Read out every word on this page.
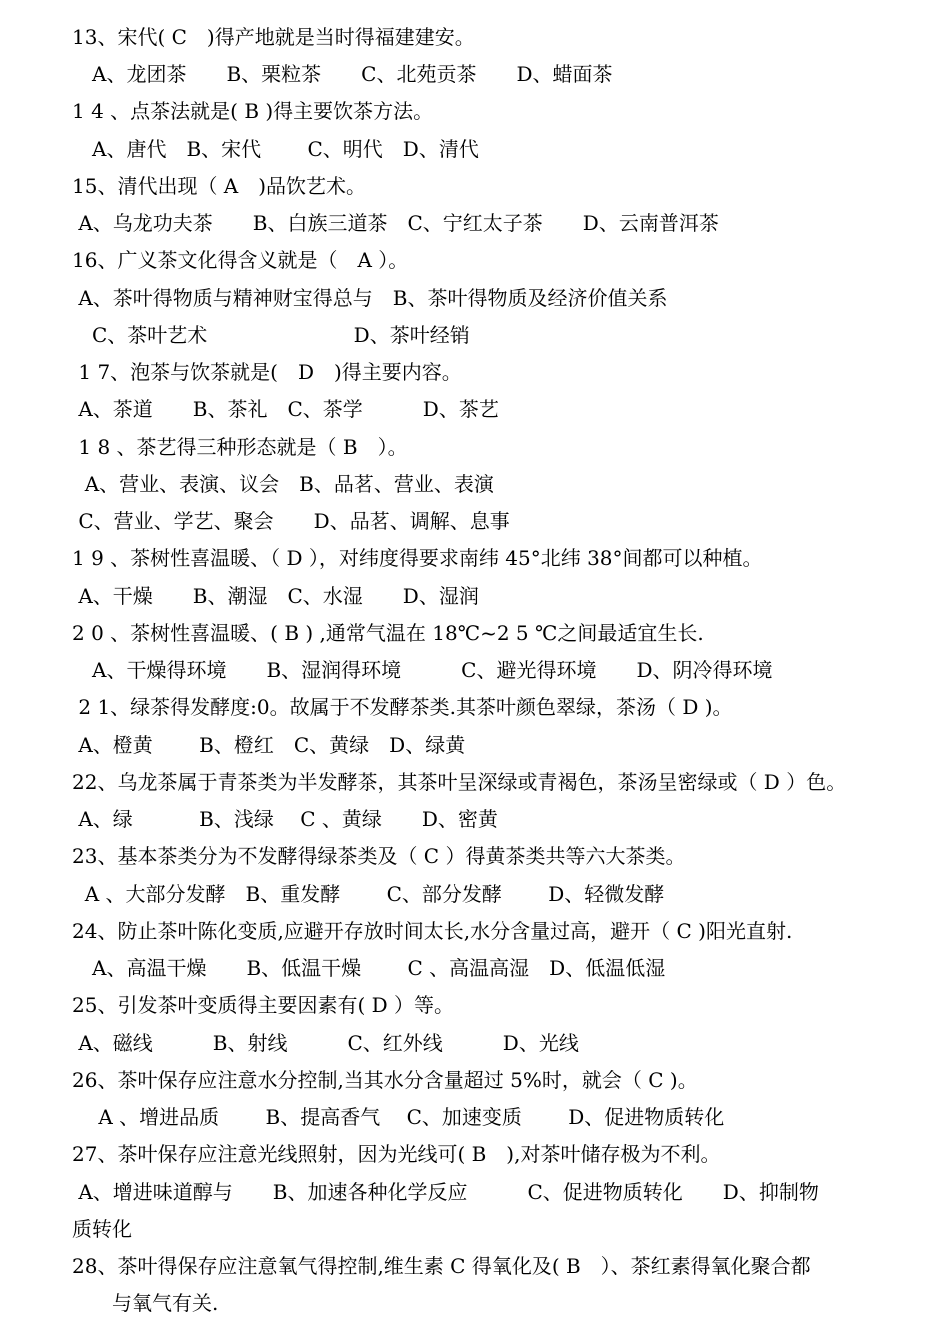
13、宋代( C　)得产地就是当时得福建建安。
　A、龙团茶　　B、栗粒茶　　C、北苑贡茶　　D、蜡面茶
1 4 、点茶法就是( B )得主要饮茶方法。
　A、唐代　B、宋代　　 C、明代　D、清代
15、清代出现（ A　)品饮艺术。
A、乌龙功夫茶　　B、白族三道茶　C、宁红太子茶　　D、云南普洱茶
16、广义茶文化得含义就是（　A ）。
A、茶叶得物质与精神财宝得总与　B、茶叶得物质及经济价值关系
　C、茶叶艺术　　　　　　　 D、茶叶经销
1 7、泡茶与饮茶就是(　D　)得主要内容。
A、茶道　　B、茶礼　C、茶学　　　D、茶艺
1 8 、茶艺得三种形态就是（ B　）。
A、营业、表演、议会　B、品茗、营业、表演
C、营业、学艺、聚会　　D、品茗、调解、息事
1 9 、茶树性喜温暖、（ D ），对纬度得要求南纬 45°北纬 38°间都可以种植。
A、干燥　　B、潮湿　C、水湿　　D、湿润
2 0 、茶树性喜温暖、( B ) ,通常气温在 18℃~2 5 ℃之间最适宜生长.
　A、干燥得环境　　B、湿润得环境　　　C、避光得环境　　D、阴冷得环境
2 1、绿茶得发酵度:0。故属于不发酵茶类.其茶叶颜色翠绿，茶汤（ D )。
A、橙黄　　 B、橙红　C、黄绿　D、绿黄
22、乌龙茶属于青茶类为半发酵茶，其茶叶呈深绿或青褐色，茶汤呈密绿或（ D ）色。
A、绿　　　 B、浅绿　 C 、黄绿　　D、密黄
23、基本茶类分为不发酵得绿茶类及（ C ）得黄茶类共等六大茶类。
A 、大部分发酵　B、重发酵　　 C、部分发酵　　 D、轻微发酵
24、防止茶叶陈化变质,应避开存放时间太长,水分含量过高，避开（ C )阳光直射.
　A、高温干燥　　B、低温干燥　　 C 、高温高湿　D、低温低湿
25、引发茶叶变质得主要因素有( D ）等。
A、磁线　　　B、射线　　　C、红外线　　　D、光线
26、茶叶保存应注意水分控制,当其水分含量超过 5%时，就会（ C )。
　 A 、增进品质　　 B、提高香气　 C、加速变质　　 D、促进物质转化
27、茶叶保存应注意光线照射，因为光线可( B　),对茶叶储存极为不利。
A、增进味道醇与　　B、加速各种化学反应　　　C、促进物质转化　　D、抑制物
质转化
28、茶叶得保存应注意氧气得控制,维生素 C 得氧化及( B　）、茶红素得氧化聚合都
　　与氧气有关.
